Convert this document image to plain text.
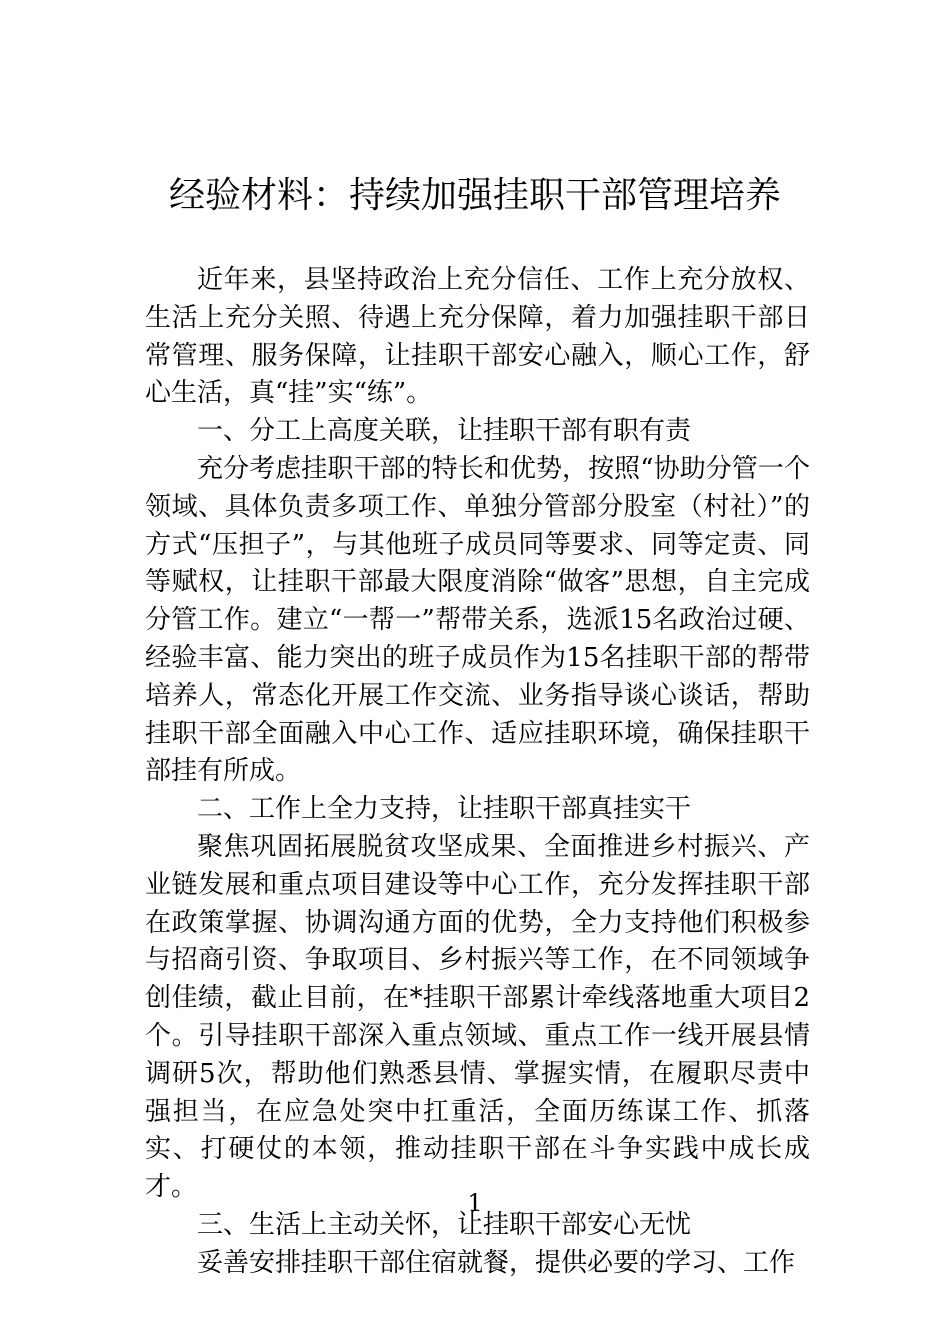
经验材料：持续加强挂职干部管理培养

近年来，县坚持政治上充分信任、工作上充分放权、生活上充分关照、待遇上充分保障，着力加强挂职干部日常管理、服务保障，让挂职干部安心融入，顺心工作，舒心生活，真“挂”实“练”。

一、分工上高度关联，让挂职干部有职有责

充分考虑挂职干部的特长和优势，按照“协助分管一个领域、具体负责多项工作、单独分管部分股室（村社）”的方式“压担子”，与其他班子成员同等要求、同等定责、同等赋权，让挂职干部最大限度消除“做客”思想，自主完成分管工作。建立“一帮一”帮带关系，选派15名政治过硬、经验丰富、能力突出的班子成员作为15名挂职干部的帮带培养人，常态化开展工作交流、业务指导谈心谈话，帮助挂职干部全面融入中心工作、适应挂职环境，确保挂职干部挂有所成。

二、工作上全力支持，让挂职干部真挂实干

聚焦巩固拓展脱贫攻坚成果、全面推进乡村振兴、产业链发展和重点项目建设等中心工作，充分发挥挂职干部在政策掌握、协调沟通方面的优势，全力支持他们积极参与招商引资、争取项目、乡村振兴等工作，在不同领域争创佳绩，截止目前，在*挂职干部累计牵线落地重大项目2个。引导挂职干部深入重点领域、重点工作一线开展县情调研5次，帮助他们熟悉县情、掌握实情，在履职尽责中强担当，在应急处突中扛重活，全面历练谋工作、抓落实、打硬仗的本领，推动挂职干部在斗争实践中成长成才。

三、生活上主动关怀，让挂职干部安心无忧

妥善安排挂职干部住宿就餐，提供必要的学习、工作

1
